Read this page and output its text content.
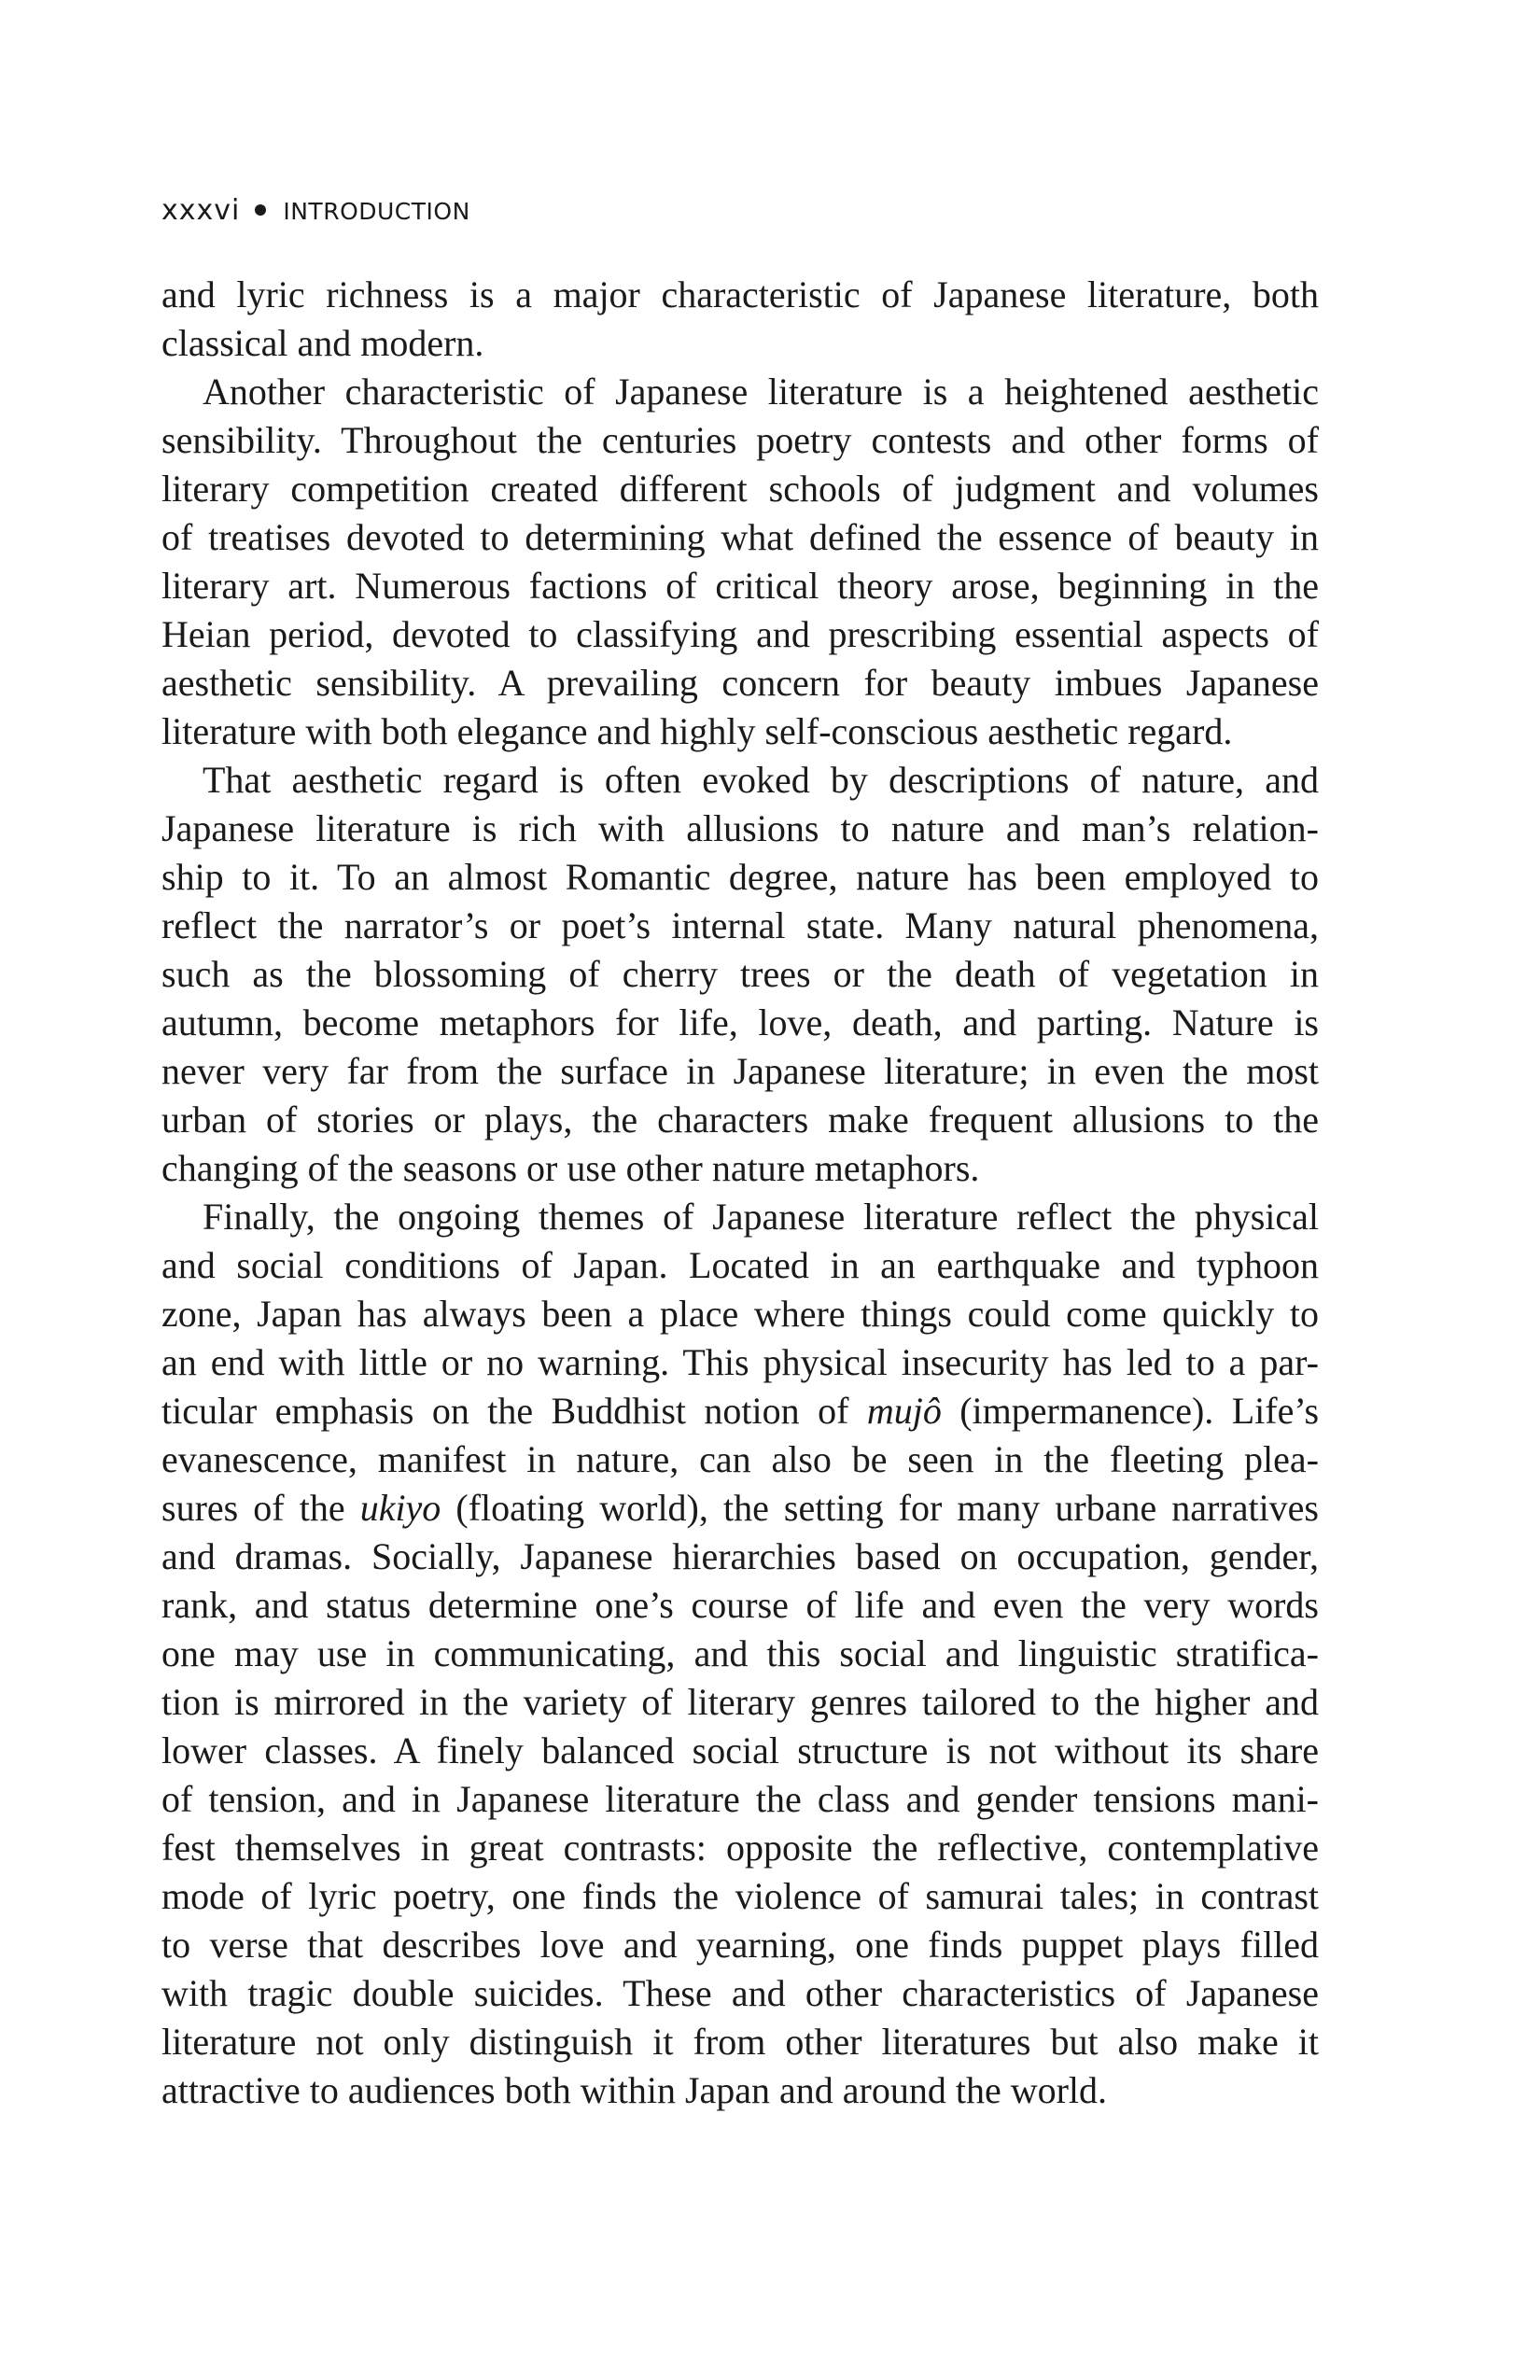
xxxvi INTRODUCTION

and lyric richness is a major characteristic of Japanese literature, both
classical and modern.

Another characteristic of Japanese literature is a heightened aesthetic
sensibility. Throughout the centuries poetry contests and other forms of
literary competition created different schools of judgment and volumes
of treatises devoted to determining what defined the essence of beauty in
literary art. Numerous factions of critical theory arose, beginning in the
Heian period, devoted to classifying and prescribing essential aspects of
aesthetic sensibility. A prevailing concern for beauty imbues Japanese
literature with both elegance and highly self-conscious aesthetic regard.

That aesthetic regard is often evoked by descriptions of nature, and
Japanese literature is rich with allusions to nature and man’s relation-
ship to it. To an almost Romantic degree, nature has been employed to
reflect the narrator’s or poet’s internal state. Many natural phenomena,
such as the blossoming of cherry trees or the death of vegetation in
autumn, become metaphors for life, love, death, and parting. Nature is
never very far from the surface in Japanese literature; in even the most
urban of stories or plays, the characters make frequent allusions to the
changing of the seasons or use other nature metaphors.

Finally, the ongoing themes of Japanese literature reflect the physical
and social conditions of Japan. Located in an earthquake and typhoon
zone, Japan has always been a place where things could come quickly to
an end with little or no warning. This physical insecurity has led to a par-
ticular emphasis on the Buddhist notion of mujô (impermanence). Life’s
evanescence, manifest in nature, can also be seen in the fleeting plea-
sures of the ukiyo (floating world), the setting for many urbane narratives
and dramas. Socially, Japanese hierarchies based on occupation, gender,
rank, and status determine one’s course of life and even the very words
one may use in communicating, and this social and linguistic stratifica-
tion is mirrored in the variety of literary genres tailored to the higher and
lower classes. A finely balanced social structure is not without its share
of tension, and in Japanese literature the class and gender tensions mani-
fest themselves in great contrasts: opposite the reflective, contemplative
mode of lyric poetry, one finds the violence of samurai tales; in contrast
to verse that describes love and yearning, one finds puppet plays filled
with tragic double suicides. These and other characteristics of Japanese
literature not only distinguish it from other literatures but also make it
attractive to audiences both within Japan and around the world.
